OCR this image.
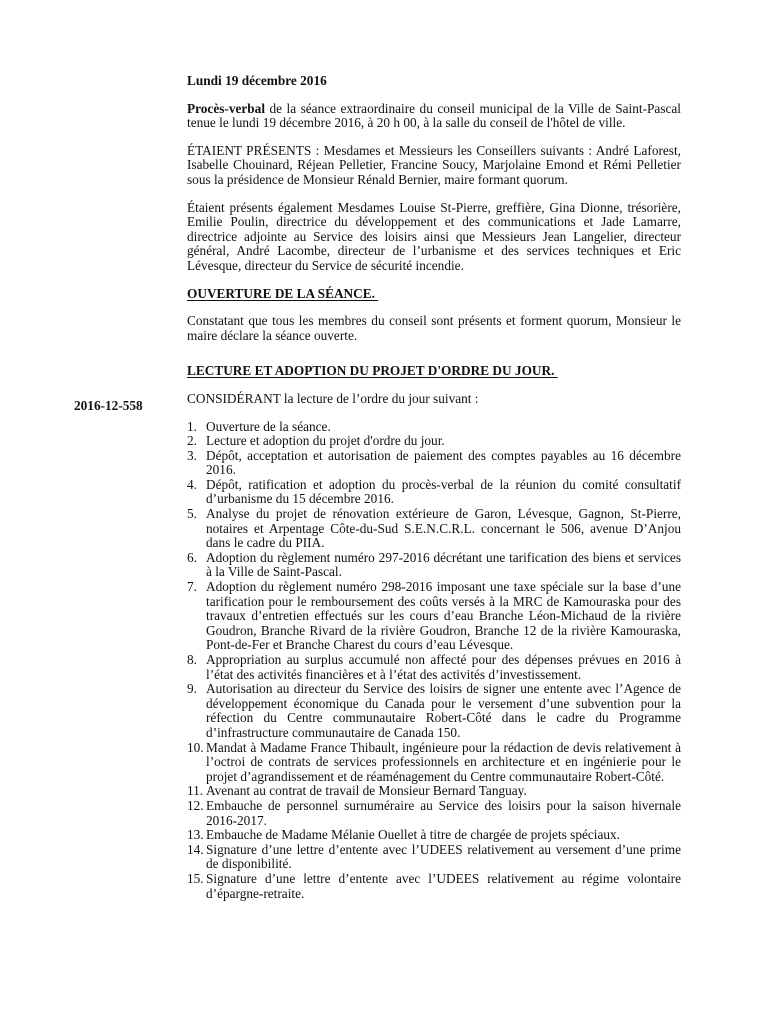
2016-12-558

Lundi 19 décembre 2016

Procès-verbal de la séance extraordinaire du conseil municipal de la Ville de Saint-Pascal tenue le lundi 19 décembre 2016, à 20 h 00, à la salle du conseil de l'hôtel de ville.

ÉTAIENT PRÉSENTS : Mesdames et Messieurs les Conseillers suivants : André Laforest, Isabelle Chouinard, Réjean Pelletier, Francine Soucy, Marjolaine Emond et Rémi Pelletier sous la présidence de Monsieur Rénald Bernier, maire formant quorum.

Étaient présents également Mesdames Louise St-Pierre, greffière, Gina Dionne, trésorière, Emilie Poulin, directrice du développement et des communications et Jade Lamarre, directrice adjointe au Service des loisirs ainsi que Messieurs Jean Langelier, directeur général, André Lacombe, directeur de l’urbanisme et des services techniques et Eric Lévesque, directeur du Service de sécurité incendie.

OUVERTURE DE LA SÉANCE.

Constatant que tous les membres du conseil sont présents et forment quorum, Monsieur le maire déclare la séance ouverte.

LECTURE ET ADOPTION DU PROJET D'ORDRE DU JOUR.

CONSIDÉRANT la lecture de l’ordre du jour suivant :

1. Ouverture de la séance.
2. Lecture et adoption du projet d'ordre du jour.
3. Dépôt, acceptation et autorisation de paiement des comptes payables au 16 décembre 2016.
4. Dépôt, ratification et adoption du procès-verbal de la réunion du comité consultatif d’urbanisme du 15 décembre 2016.
5. Analyse du projet de rénovation extérieure de Garon, Lévesque, Gagnon, St-Pierre, notaires et Arpentage Côte-du-Sud S.E.N.C.R.L. concernant le 506, avenue D’Anjou dans le cadre du PIIA.
6. Adoption du règlement numéro 297-2016 décrétant une tarification des biens et services à la Ville de Saint-Pascal.
7. Adoption du règlement numéro 298-2016 imposant une taxe spéciale sur la base d’une tarification pour le remboursement des coûts versés à la MRC de Kamouraska pour des travaux d’entretien effectués sur les cours d’eau Branche Léon-Michaud de la rivière Goudron, Branche Rivard de la rivière Goudron, Branche 12 de la rivière Kamouraska, Pont-de-Fer et Branche Charest du cours d’eau Lévesque.
8. Appropriation au surplus accumulé non affecté pour des dépenses prévues en 2016 à l’état des activités financières et à l’état des activités d’investissement.
9. Autorisation au directeur du Service des loisirs de signer une entente avec l’Agence de développement économique du Canada pour le versement d’une subvention pour la réfection du Centre communautaire Robert-Côté dans le cadre du Programme d’infrastructure communautaire de Canada 150.
10. Mandat à Madame France Thibault, ingénieure pour la rédaction de devis relativement à l’octroi de contrats de services professionnels en architecture et en ingénierie pour le projet d’agrandissement et de réaménagement du Centre communautaire Robert-Côté.
11. Avenant au contrat de travail de Monsieur Bernard Tanguay.
12. Embauche de personnel surnuméraire au Service des loisirs pour la saison hivernale 2016-2017.
13. Embauche de Madame Mélanie Ouellet à titre de chargée de projets spéciaux.
14. Signature d’une lettre d’entente avec l’UDEES relativement au versement d’une prime de disponibilité.
15. Signature d’une lettre d’entente avec l’UDEES relativement au régime volontaire d’épargne-retraite.
